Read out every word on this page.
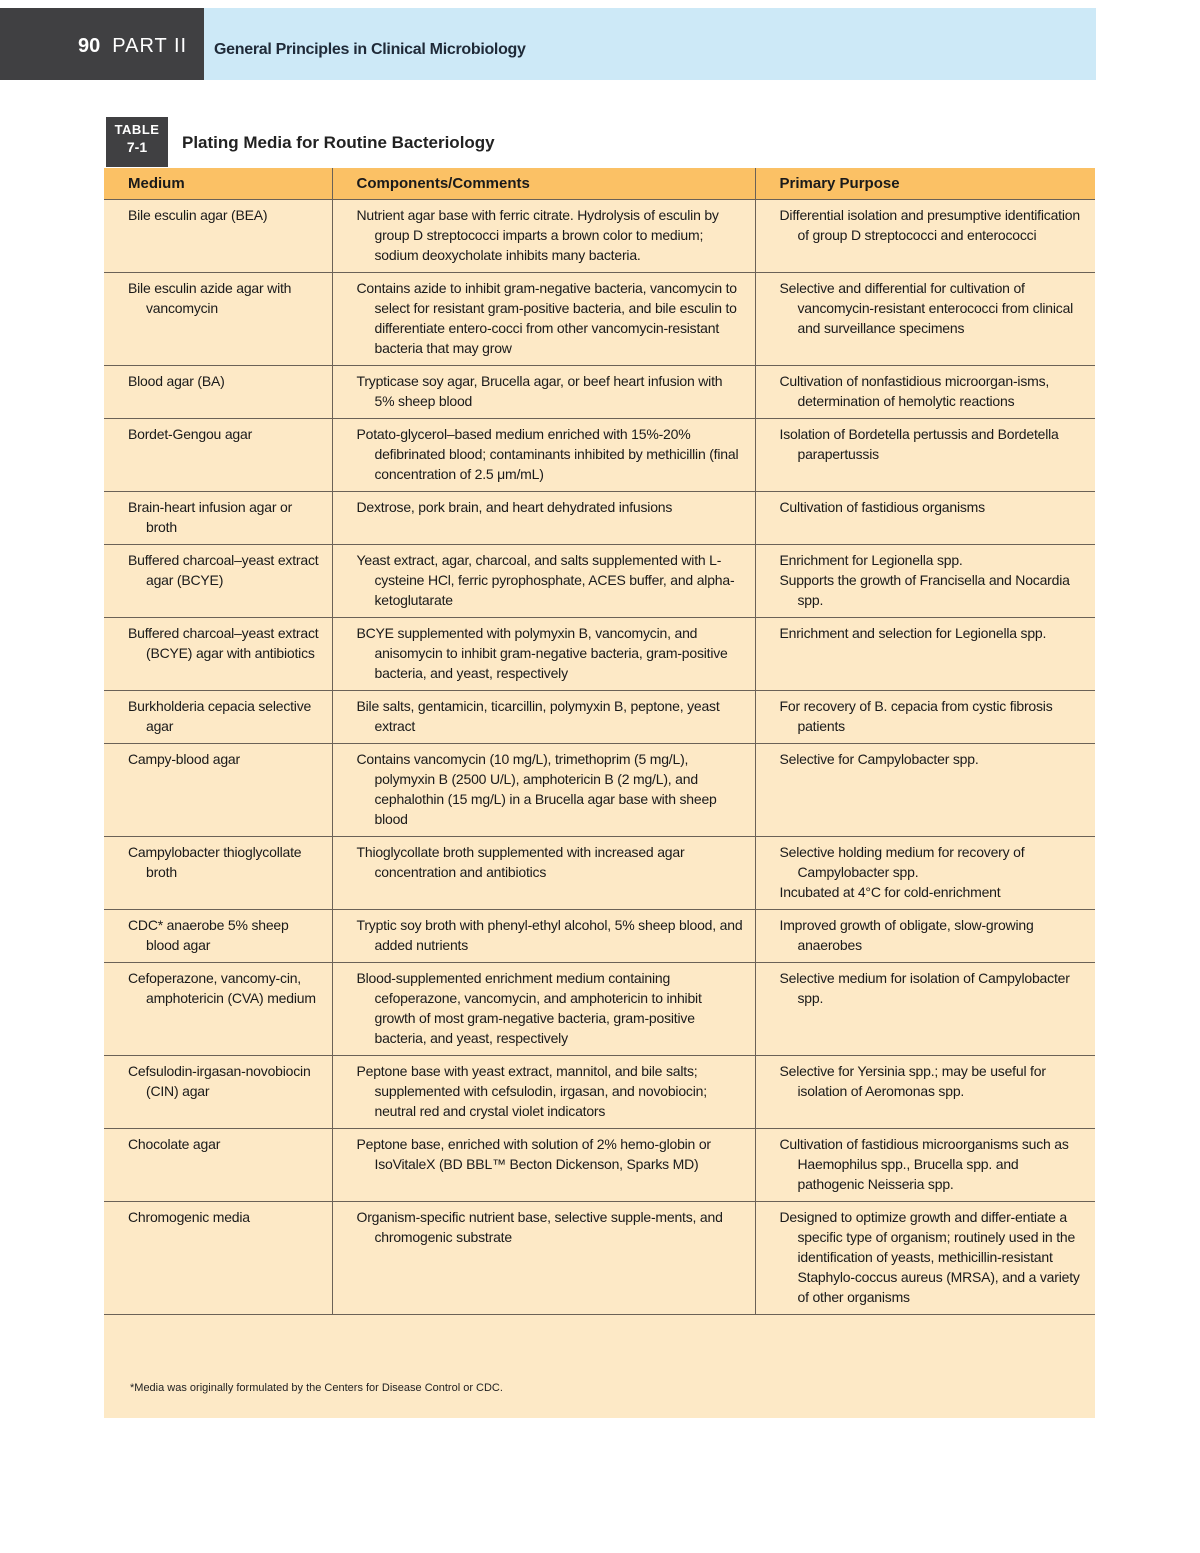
90 PART II General Principles in Clinical Microbiology
TABLE
7-1	Plating Media for Routine Bacteriology
Medium	Components/Comments	Primary Purpose

Bile esculin agar (BEA)	Nutrient agar base with ferric citrate. Hydrolysis of esculin by group D streptococci imparts a brown color to medium; sodium deoxycholate inhibits many bacteria.	Differential isolation and presumptive identification of group D streptococci and enterococci

Bile esculin azide agar with vancomycin	Contains azide to inhibit gram-negative bacteria, vancomycin to select for resistant gram-positive bacteria, and bile esculin to differentiate entero-cocci from other vancomycin-resistant bacteria that may grow	Selective and differential for cultivation of vancomycin-resistant enterococci from clinical and surveillance specimens

Blood agar (BA)	Trypticase soy agar, Brucella agar, or beef heart infusion with 5% sheep blood	Cultivation of nonfastidious microorgan-isms, determination of hemolytic reactions

Bordet-Gengou agar	Potato-glycerol–based medium enriched with 15%-20% defibrinated blood; contaminants inhibited by methicillin (final concentration of 2.5 μm/mL)	Isolation of Bordetella pertussis and Bordetella parapertussis

Brain-heart infusion agar or broth	Dextrose, pork brain, and heart dehydrated infusions	Cultivation of fastidious organisms

Buffered charcoal–yeast extract agar (BCYE)	Yeast extract, agar, charcoal, and salts supplemented with L-cysteine HCl, ferric pyrophosphate, ACES buffer, and alpha-ketoglutarate	Enrichment for Legionella spp.
Supports the growth of Francisella and Nocardia spp.

Buffered charcoal–yeast extract (BCYE) agar with antibiotics	BCYE supplemented with polymyxin B, vancomycin, and anisomycin to inhibit gram-negative bacteria, gram-positive bacteria, and yeast, respectively	Enrichment and selection for Legionella spp.

Burkholderia cepacia selective agar	Bile salts, gentamicin, ticarcillin, polymyxin B, peptone, yeast extract	For recovery of B. cepacia from cystic fibrosis patients

Campy-blood agar	Contains vancomycin (10 mg/L), trimethoprim (5 mg/L), polymyxin B (2500 U/L), amphotericin B (2 mg/L), and cephalothin (15 mg/L) in a Brucella agar base with sheep blood	Selective for Campylobacter spp.

Campylobacter thioglycollate broth	Thioglycollate broth supplemented with increased agar concentration and antibiotics	Selective holding medium for recovery of Campylobacter spp.
Incubated at 4°C for cold-enrichment

CDC* anaerobe 5% sheep blood agar	Tryptic soy broth with phenyl-ethyl alcohol, 5% sheep blood, and added nutrients	Improved growth of obligate, slow-growing anaerobes

Cefoperazone, vancomy-cin, amphotericin (CVA) medium	Blood-supplemented enrichment medium containing cefoperazone, vancomycin, and amphotericin to inhibit growth of most gram-negative bacteria, gram-positive bacteria, and yeast, respectively	Selective medium for isolation of Campylobacter spp.

Cefsulodin-irgasan-novobiocin (CIN) agar	Peptone base with yeast extract, mannitol, and bile salts; supplemented with cefsulodin, irgasan, and novobiocin; neutral red and crystal violet indicators	Selective for Yersinia spp.; may be useful for isolation of Aeromonas spp.

Chocolate agar	Peptone base, enriched with solution of 2% hemo-globin or IsoVitaleX (BD BBL™ Becton Dickenson, Sparks MD)	Cultivation of fastidious microorganisms such as Haemophilus spp., Brucella spp. and pathogenic Neisseria spp.

Chromogenic media	Organism-specific nutrient base, selective supple-ments, and chromogenic substrate	Designed to optimize growth and differ-entiate a specific type of organism; routinely used in the identification of yeasts, methicillin-resistant Staphylo-coccus aureus (MRSA), and a variety of other organisms
*Media was originally formulated by the Centers for Disease Control or CDC.
